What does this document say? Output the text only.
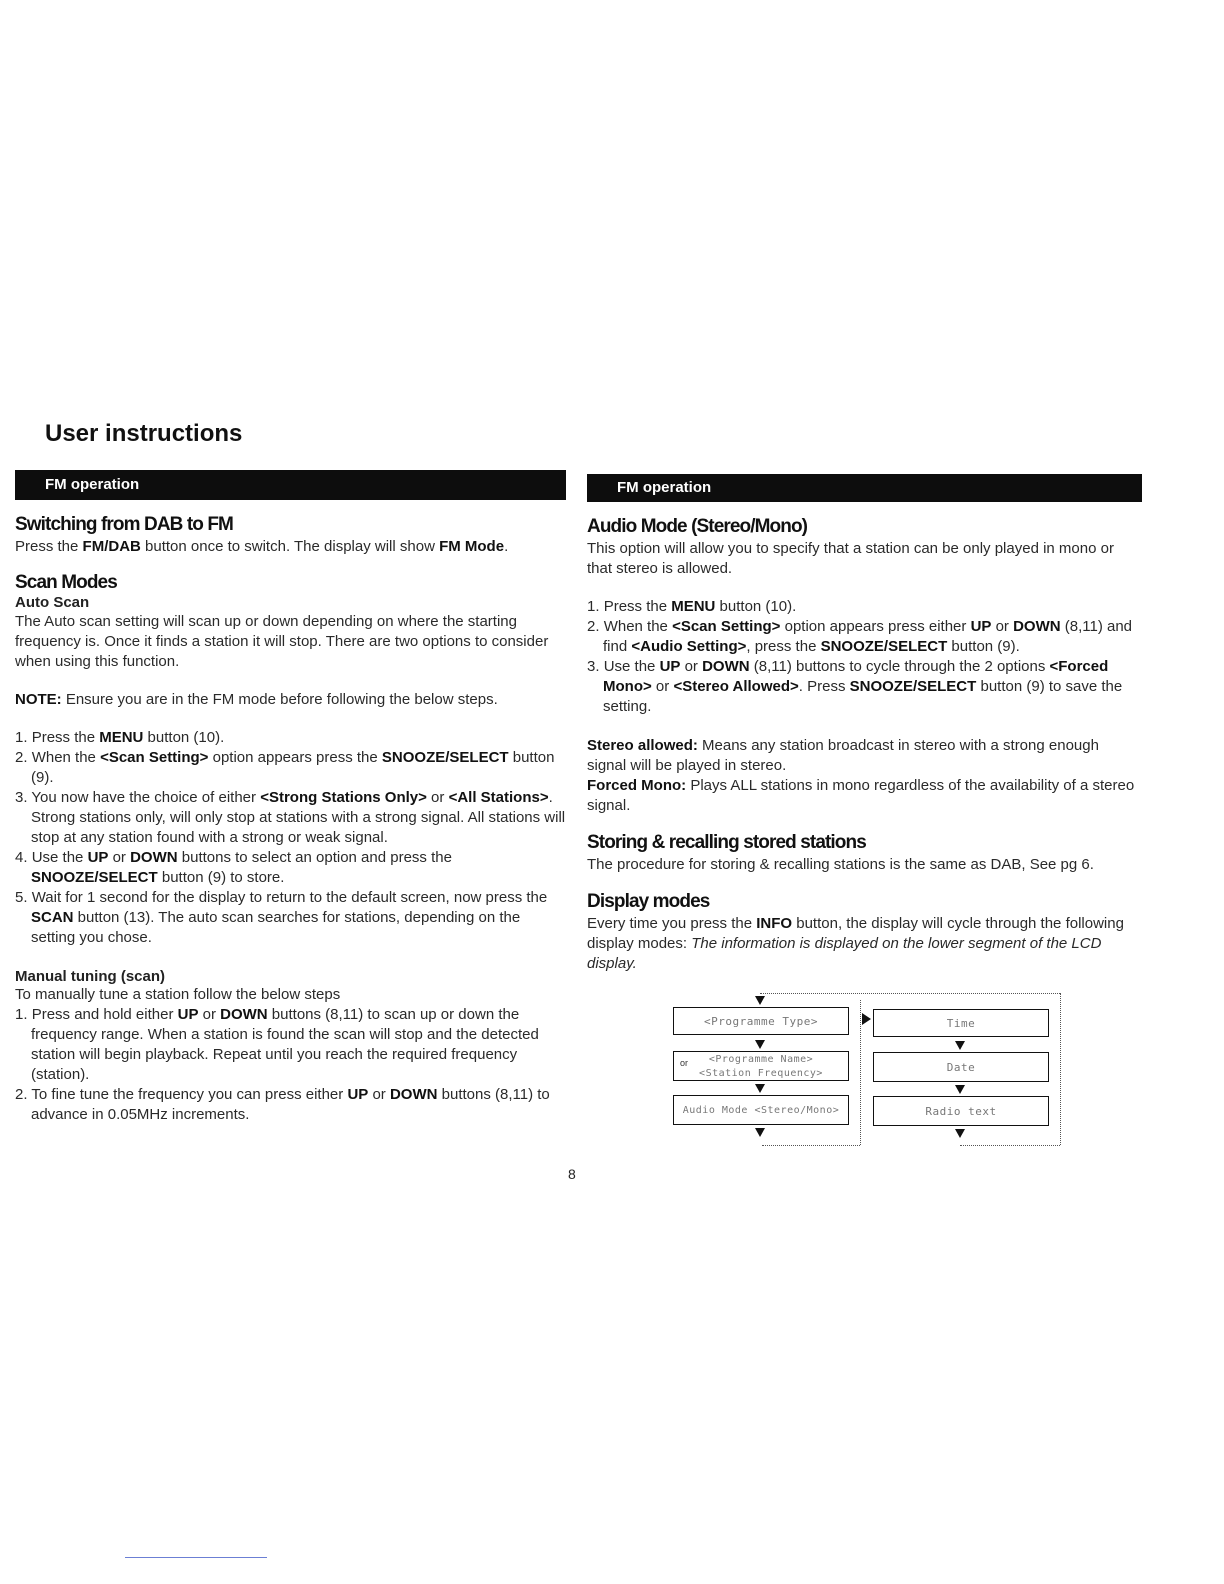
User instructions
FM operation
Switching from DAB to FM

Press the FM/DAB button once to switch. The display will show FM Mode.

Scan Modes
Auto Scan

The Auto scan setting will scan up or down depending on where the starting frequency is. Once it finds a station it will stop. There are two options to consider when using this function.

NOTE: Ensure you are in the FM mode before following the below steps.

1. Press the MENU button (10).
2. When the <Scan Setting> option appears press the SNOOZE/SELECT button (9).
3. You now have the choice of either <Strong Stations Only> or <All Stations>. Strong stations only, will only stop at stations with a strong signal. All stations will stop at any station found with a strong or weak signal.
4. Use the UP or DOWN buttons to select an option and press the SNOOZE/SELECT button (9) to store.
5. Wait for 1 second for the display to return to the default screen, now press the SCAN button (13). The auto scan searches for stations, depending on the setting you chose.
Manual tuning (scan)

To manually tune a station follow the below steps

1. Press and hold either UP or DOWN buttons (8,11) to scan up or down the frequency range. When a station is found the scan will stop and the detected station will begin playback. Repeat until you reach the required frequency (station).
2. To fine tune the frequency you can press either UP or DOWN buttons (8,11) to advance in 0.05MHz increments.
FM operation
Audio Mode (Stereo/Mono)

This option will allow you to specify that a station can be only played in mono or that stereo is allowed.

1. Press the MENU button (10).
2. When the <Scan Setting> option appears press either UP or DOWN (8,11) and find <Audio Setting>, press the SNOOZE/SELECT button (9).
3. Use the UP or DOWN (8,11) buttons to cycle through the 2 options <Forced Mono> or <Stereo Allowed>. Press SNOOZE/SELECT button (9) to save the setting.

Stereo allowed: Means any station broadcast in stereo with a strong enough signal will be played in stereo.

Forced Mono: Plays ALL stations in mono regardless of the availability of a stereo signal.

Storing & recalling stored stations

The procedure for storing & recalling stations is the same as DAB, See pg 6.

Display modes

Every time you press the INFO button, the display will cycle through the following display modes: The information is displayed on the lower segment of the LCD display.

<Programme Type>	Time
<Programme Name>
<Station Frequency>
or	Date
Audio Mode <Stereo/Mono>	Radio text
8
